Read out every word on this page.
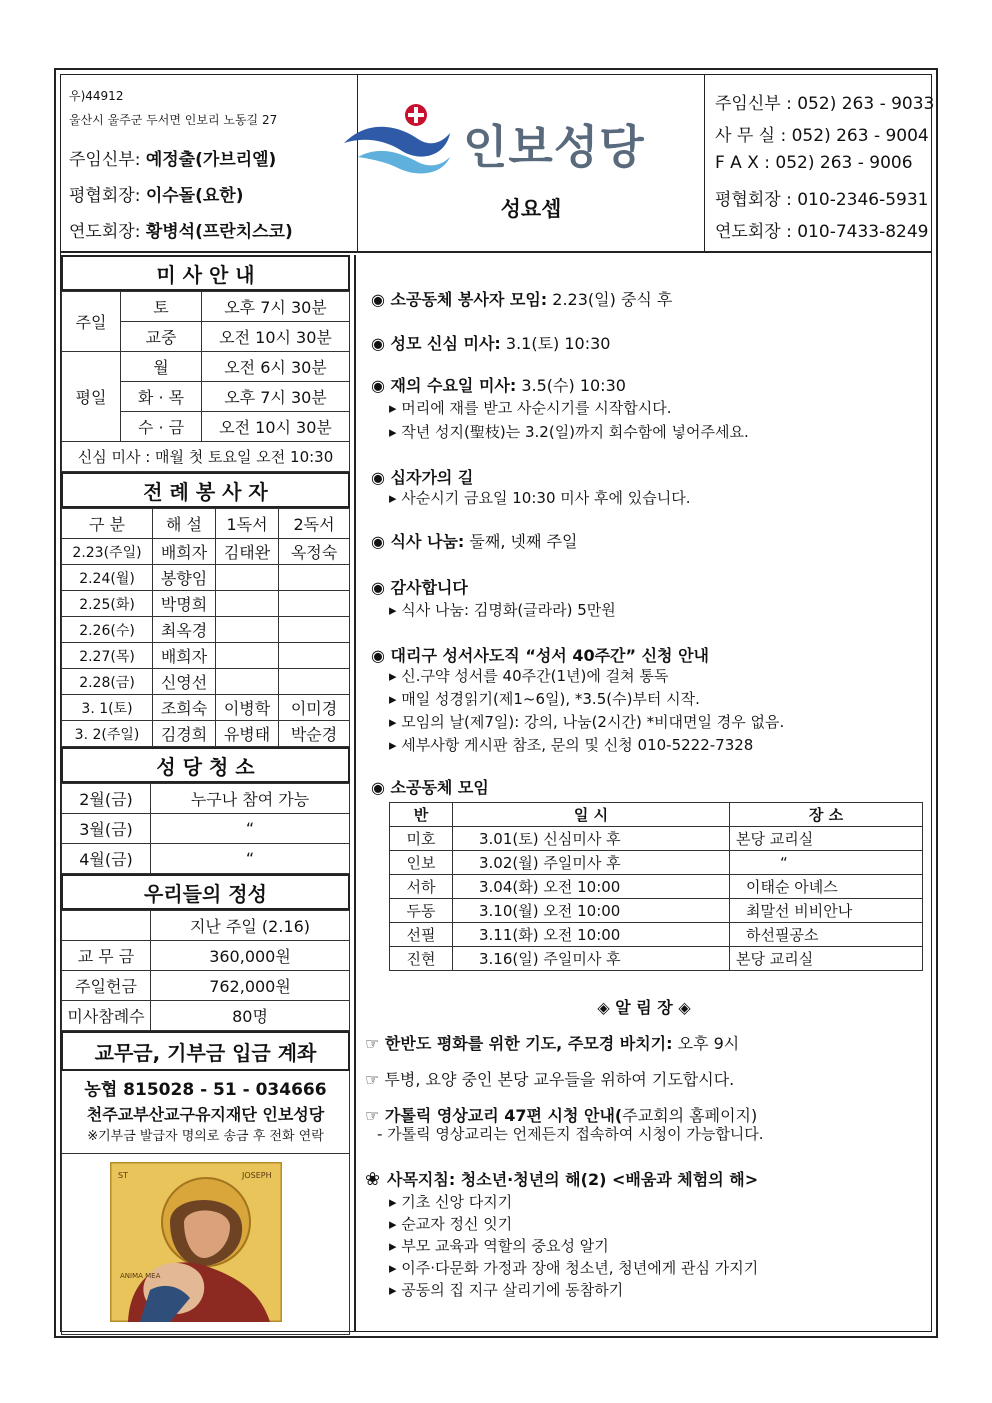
우)44912
울산시 울주군 두서면 인보리 노동길 27
주임신부: 예정출(가브리엘)
평협회장: 이수돌(요한)
연도회장: 황병석(프란치스코)
인보성당
성요셉
주임신부 : 052) 263 - 9033
사 무 실 : 052) 263 - 9004
F A X : 052) 263 - 9006
평협회장 : 010-2346-5931
연도회장 : 010-7433-8249
미 사 안 내
주일	토	오후 7시 30분
	교중	오전 10시 30분
평일	월	오전 6시 30분
	화 · 목	오후 7시 30분
	수 · 금	오전 10시 30분
신심 미사 : 매월 첫 토요일 오전 10:30		
전 례 봉 사 자
구 분	해 설	1독서	2독서
2.23(주일)	배희자	김태완	옥정숙
2.24(월)	봉향임		
2.25(화)	박명희		
2.26(수)	최옥경		
2.27(목)	배희자		
2.28(금)	신영선		
3. 1(토)	조희숙	이병학	이미경
3. 2(주일)	김경희	유병태	박순경
성 당 청 소
2월(금)	누구나 참여 가능
3월(금)	“
4월(금)	“
우리들의 정성
	지난 주일 (2.16)
교 무 금	360,000원
주일헌금	762,000원
미사참례수	80명
교무금, 기부금 입금 계좌
농협 815028 - 51 - 034666
천주교부산교구유지재단 인보성당
※기부금 발급자 명의로 송금 후 전화 연락
ST	JOSEPH
ANIMA MEA
◉ 소공동체 봉사자 모임: 2.23(일) 중식 후
◉ 성모 신심 미사: 3.1(토) 10:30
◉ 재의 수요일 미사: 3.5(수) 10:30
▸ 머리에 재를 받고 사순시기를 시작합시다.
▸ 작년 성지(聖枝)는 3.2(일)까지 회수함에 넣어주세요.
◉ 십자가의 길
▸ 사순시기 금요일 10:30 미사 후에 있습니다.
◉ 식사 나눔: 둘째, 넷째 주일
◉ 감사합니다
▸ 식사 나눔: 김명화(글라라) 5만원
◉ 대리구 성서사도직 “성서 40주간” 신청 안내
▸ 신.구약 성서를 40주간(1년)에 걸쳐 통독
▸ 매일 성경읽기(제1~6일), *3.5(수)부터 시작.
▸ 모임의 날(제7일): 강의, 나눔(2시간) *비대면일 경우 없음.
▸ 세부사항 게시판 참조, 문의 및 신청 010-5222-7328
◉ 소공동체 모임
반	일 시	장 소
미호	3.01(토) 신심미사 후	본당 교리실
인보	3.02(월) 주일미사 후	“
서하	3.04(화) 오전 10:00	이태순 아녜스
두동	3.10(월) 오전 10:00	최말선 비비안나
선필	3.11(화) 오전 10:00	하선필공소
진현	3.16(일) 주일미사 후	본당 교리실
◈ 알 림 장 ◈
☞ 한반도 평화를 위한 기도, 주모경 바치기: 오후 9시
☞ 투병, 요양 중인 본당 교우들을 위하여 기도합시다.
☞ 가톨릭 영상교리 47편 시청 안내(주교회의 홈페이지)
- 가톨릭 영상교리는 언제든지 접속하여 시청이 가능합니다.
❀ 사목지침: 청소년·청년의 해(2) <배움과 체험의 해>
▸ 기초 신앙 다지기
▸ 순교자 정신 잇기
▸ 부모 교육과 역할의 중요성 알기
▸ 이주·다문화 가정과 장애 청소년, 청년에게 관심 가지기
▸ 공동의 집 지구 살리기에 동참하기
